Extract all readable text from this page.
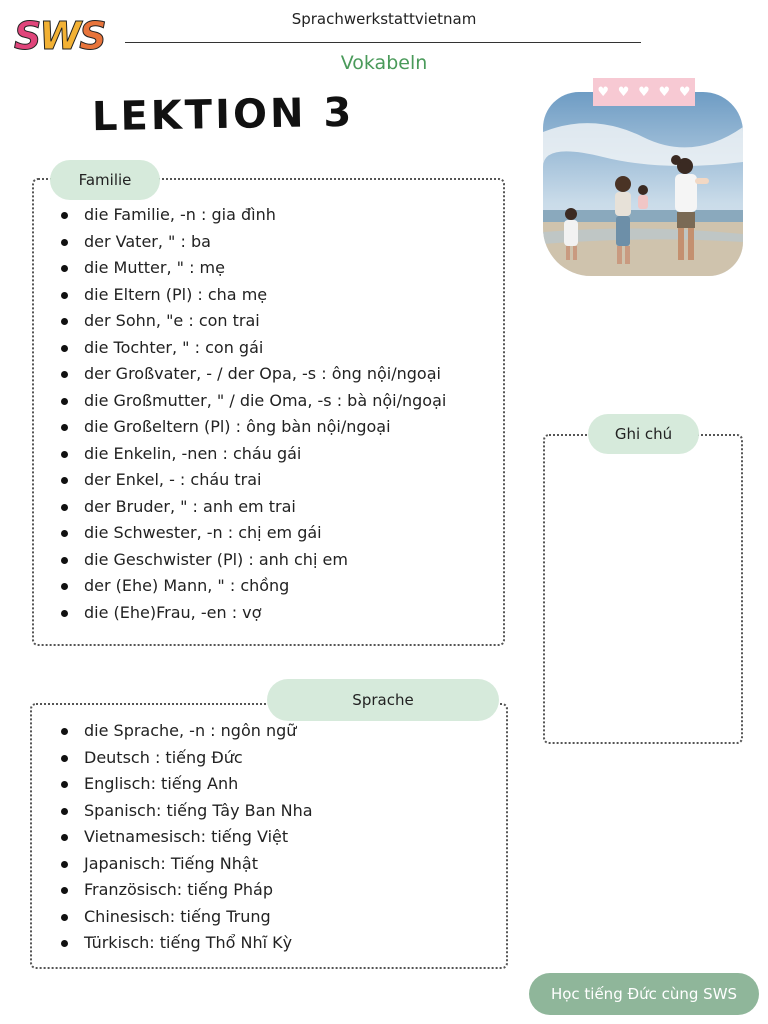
SWS	Sprachwerkstattvietnam
Vokabeln
LEKTION 3
Familie
die Familie, -n : gia đình
der Vater, " : ba
die Mutter, " : mẹ
die Eltern (Pl) : cha mẹ
der Sohn, "e : con trai
die Tochter, " : con gái
der Großvater, - / der Opa, -s : ông nội/ngoại
die Großmutter, " / die Oma, -s : bà nội/ngoại
die Großeltern (Pl) : ông bàn nội/ngoại
die Enkelin, -nen : cháu gái
der Enkel, - : cháu trai
der Bruder, " : anh em trai
die Schwester, -n : chị em gái
die Geschwister (Pl) : anh chị em
der (Ehe) Mann, " : chồng
die (Ehe)Frau, -en : vợ
♥ ♥ ♥ ♥ ♥
Ghi chú
Sprache
die Sprache, -n : ngôn ngữ
Deutsch : tiếng Đức
Englisch: tiếng Anh
Spanisch: tiếng Tây Ban Nha
Vietnamesisch: tiếng Việt
Japanisch: Tiếng Nhật
Französisch: tiếng Pháp
Chinesisch: tiếng Trung
Türkisch: tiếng Thổ Nhĩ Kỳ
Học tiếng Đức cùng SWS
